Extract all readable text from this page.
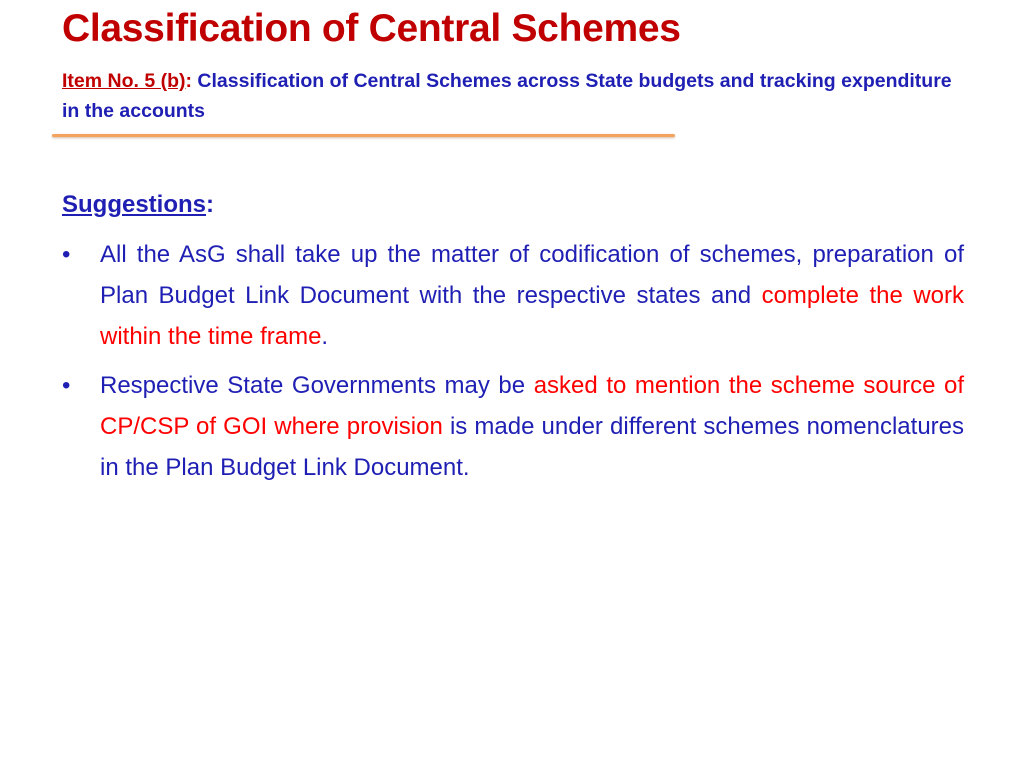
Classification of Central Schemes

Item No. 5 (b): Classification of Central Schemes across State budgets and tracking expenditure in the accounts

Suggestions:
•	All the AsG shall take up the matter of codification of schemes, preparation of Plan Budget Link Document with the respective states and complete the work within the time frame.
•	Respective State Governments may be asked to mention the scheme source of CP/CSP of GOI where provision is made under different schemes nomenclatures in the Plan Budget Link Document.
